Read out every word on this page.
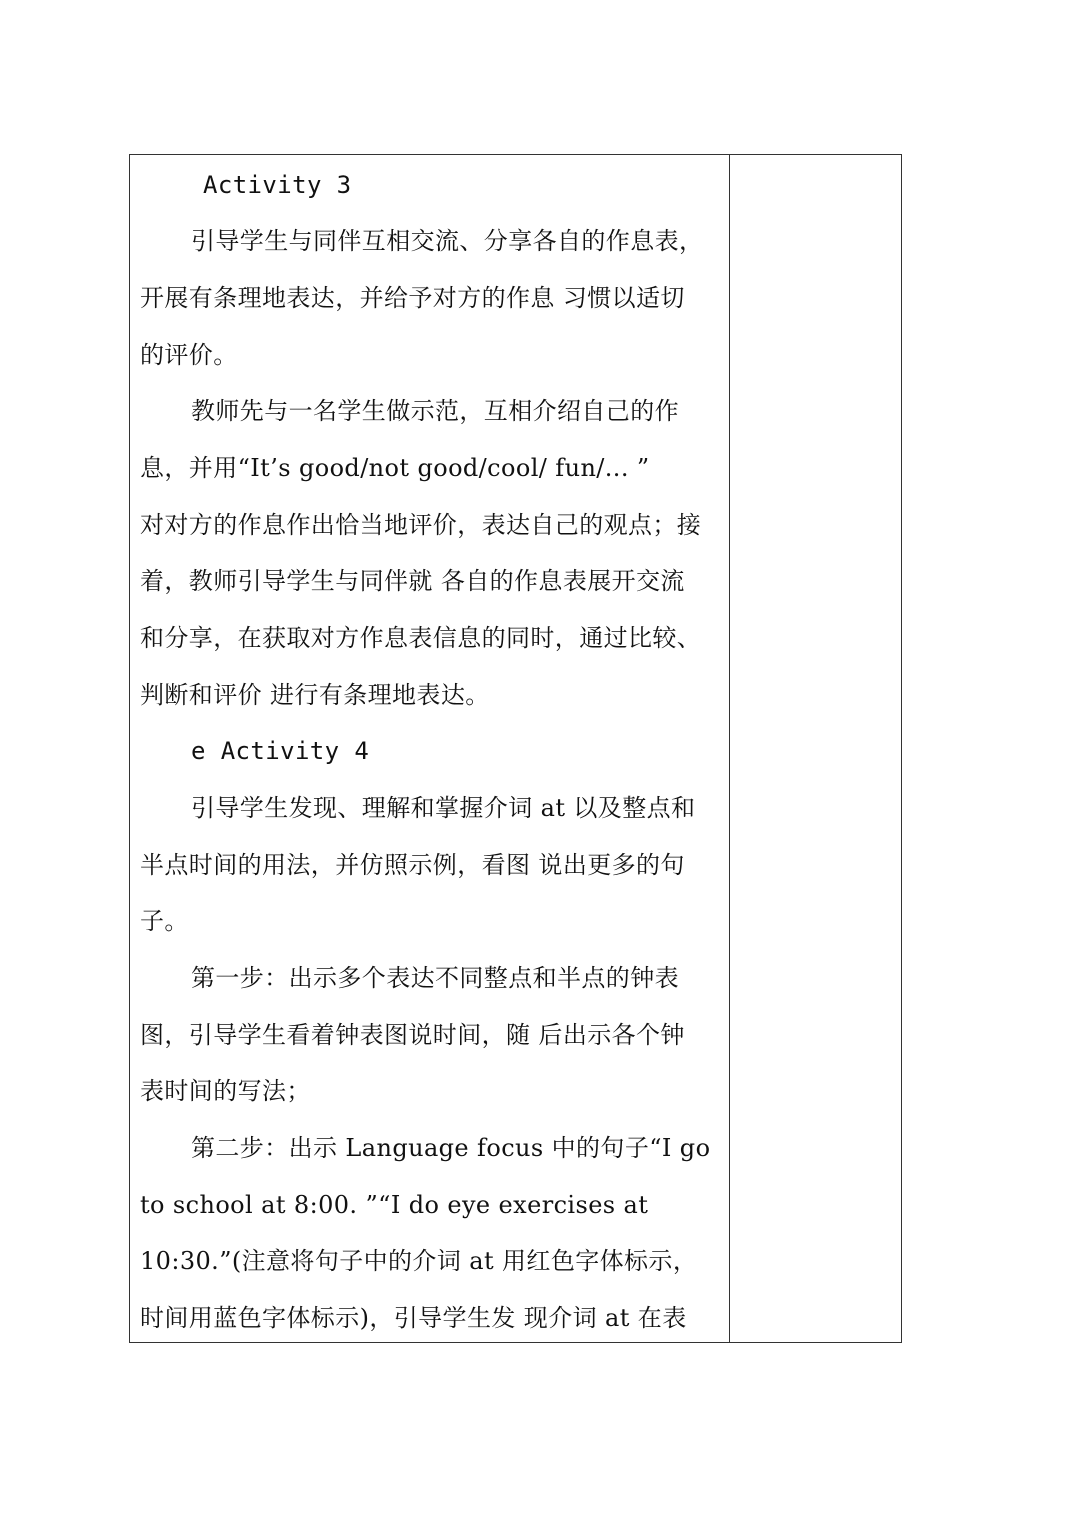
Activity 3
引导学生与同伴互相交流、分享各自的作息表，
开展有条理地表达，并给予对方的作息 习惯以适切
的评价。
教师先与一名学生做示范，互相介绍自己的作
息，并用“It’s good/not good/cool/ fun/... ”
对对方的作息作出恰当地评价，表达自己的观点；接
着，教师引导学生与同伴就 各自的作息表展开交流
和分享，在获取对方作息表信息的同时，通过比较、
判断和评价 进行有条理地表达。
e Activity 4
引导学生发现、理解和掌握介词 at 以及整点和
半点时间的用法，并仿照示例，看图 说出更多的句
子。
第一步：出示多个表达不同整点和半点的钟表
图，引导学生看着钟表图说时间，随 后出示各个钟
表时间的写法；
第二步：出示 Language focus 中的句子“I go
to school at 8:00. ”“I do eye exercises at
10:30.”(注意将句子中的介词 at 用红色字体标示，
时间用蓝色字体标示)，引导学生发 现介词 at 在表
